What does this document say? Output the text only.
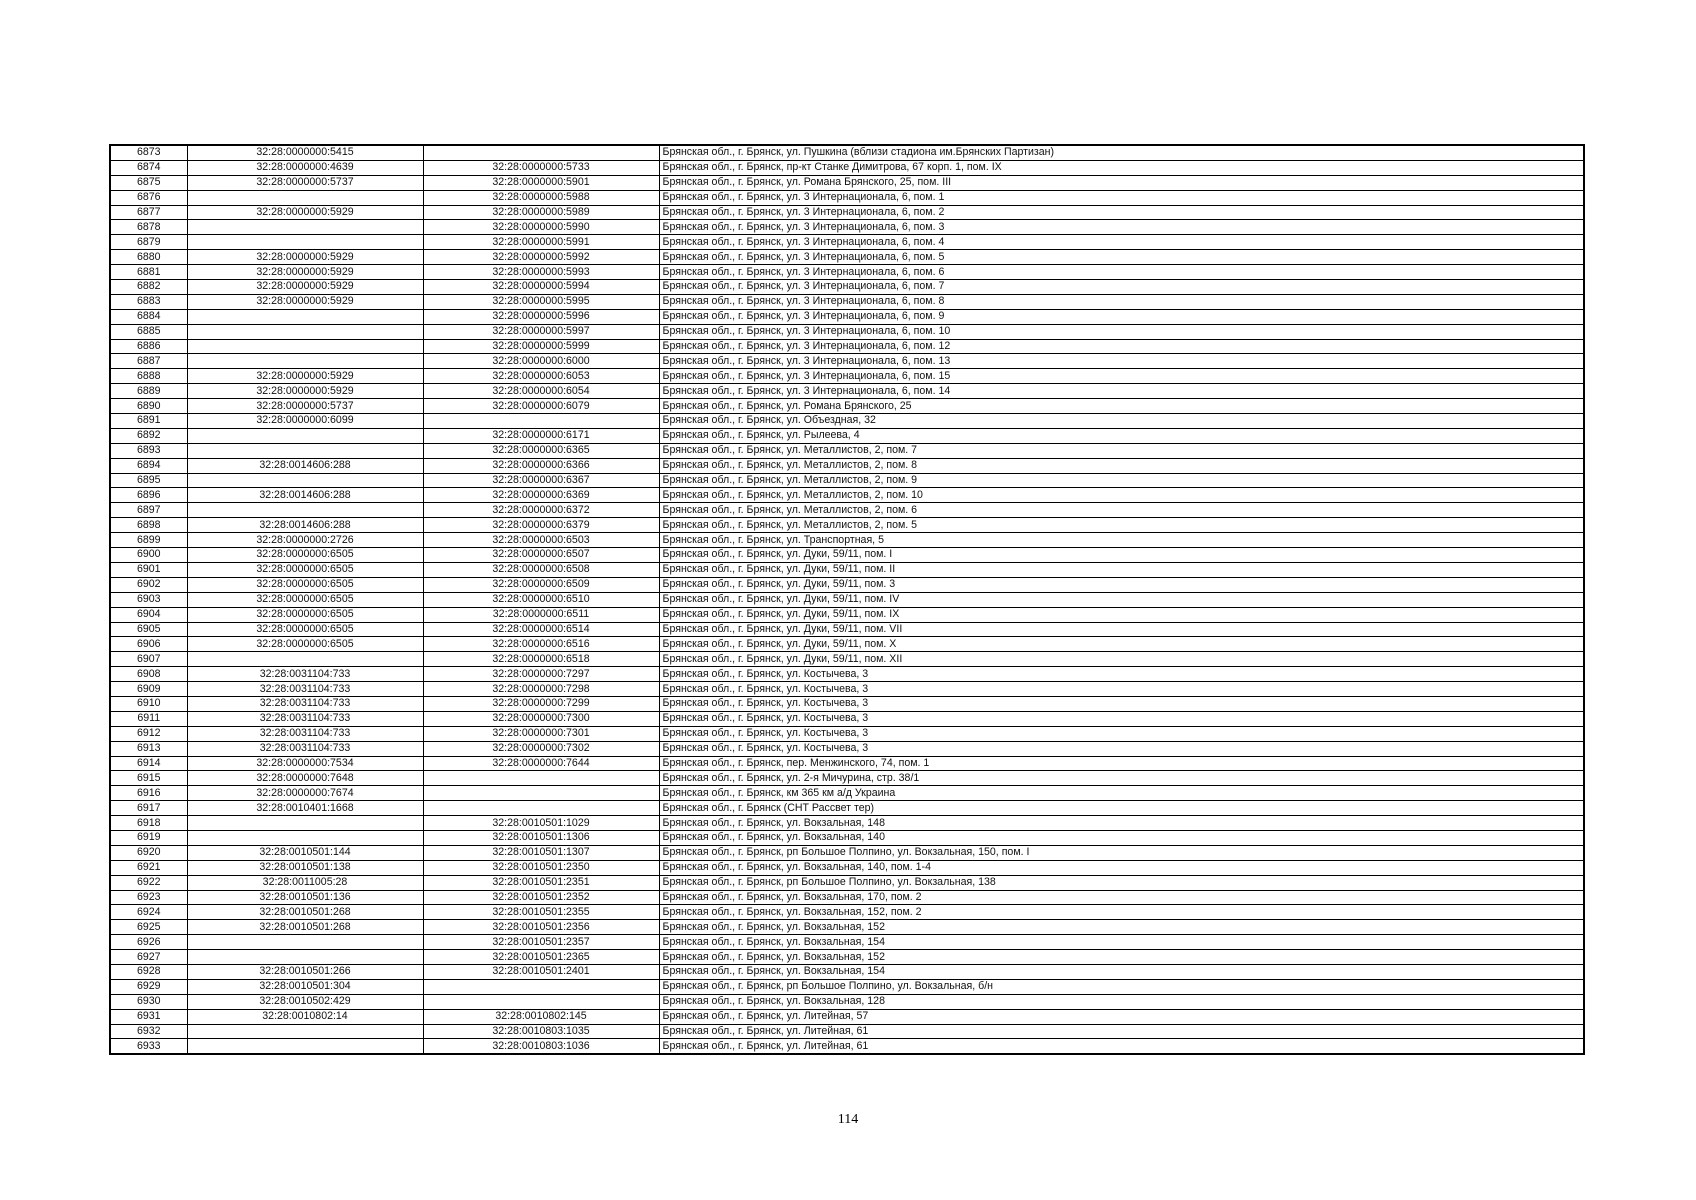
6873	32:28:0000000:5415		Брянская обл., г. Брянск, ул. Пушкина (вблизи стадиона им.Брянских Партизан)
6874	32:28:0000000:4639	32:28:0000000:5733	Брянская обл., г. Брянск, пр-кт Станке Димитрова, 67 корп. 1, пом. IX
6875	32:28:0000000:5737	32:28:0000000:5901	Брянская обл., г. Брянск, ул. Романа Брянского, 25, пом. III
6876		32:28:0000000:5988	Брянская обл., г. Брянск, ул. 3 Интернационала, 6, пом. 1
6877	32:28:0000000:5929	32:28:0000000:5989	Брянская обл., г. Брянск, ул. 3 Интернационала, 6, пом. 2
6878		32:28:0000000:5990	Брянская обл., г. Брянск, ул. 3 Интернационала, 6, пом. 3
6879		32:28:0000000:5991	Брянская обл., г. Брянск, ул. 3 Интернационала, 6, пом. 4
6880	32:28:0000000:5929	32:28:0000000:5992	Брянская обл., г. Брянск, ул. 3 Интернационала, 6, пом. 5
6881	32:28:0000000:5929	32:28:0000000:5993	Брянская обл., г. Брянск, ул. 3 Интернационала, 6, пом. 6
6882	32:28:0000000:5929	32:28:0000000:5994	Брянская обл., г. Брянск, ул. 3 Интернационала, 6, пом. 7
6883	32:28:0000000:5929	32:28:0000000:5995	Брянская обл., г. Брянск, ул. 3 Интернационала, 6, пом. 8
6884		32:28:0000000:5996	Брянская обл., г. Брянск, ул. 3 Интернационала, 6, пом. 9
6885		32:28:0000000:5997	Брянская обл., г. Брянск, ул. 3 Интернационала, 6, пом. 10
6886		32:28:0000000:5999	Брянская обл., г. Брянск, ул. 3 Интернационала, 6, пом. 12
6887		32:28:0000000:6000	Брянская обл., г. Брянск, ул. 3 Интернационала, 6, пом. 13
6888	32:28:0000000:5929	32:28:0000000:6053	Брянская обл., г. Брянск, ул. 3 Интернационала, 6, пом. 15
6889	32:28:0000000:5929	32:28:0000000:6054	Брянская обл., г. Брянск, ул. 3 Интернационала, 6, пом. 14
6890	32:28:0000000:5737	32:28:0000000:6079	Брянская обл., г. Брянск, ул. Романа Брянского, 25
6891	32:28:0000000:6099		Брянская обл., г. Брянск, ул. Объездная, 32
6892		32:28:0000000:6171	Брянская обл., г. Брянск, ул. Рылеева, 4
6893		32:28:0000000:6365	Брянская обл., г. Брянск, ул. Металлистов, 2, пом. 7
6894	32:28:0014606:288	32:28:0000000:6366	Брянская обл., г. Брянск, ул. Металлистов, 2, пом. 8
6895		32:28:0000000:6367	Брянская обл., г. Брянск, ул. Металлистов, 2, пом. 9
6896	32:28:0014606:288	32:28:0000000:6369	Брянская обл., г. Брянск, ул. Металлистов, 2, пом. 10
6897		32:28:0000000:6372	Брянская обл., г. Брянск, ул. Металлистов, 2, пом. 6
6898	32:28:0014606:288	32:28:0000000:6379	Брянская обл., г. Брянск, ул. Металлистов, 2, пом. 5
6899	32:28:0000000:2726	32:28:0000000:6503	Брянская обл., г. Брянск, ул. Транспортная, 5
6900	32:28:0000000:6505	32:28:0000000:6507	Брянская обл., г. Брянск, ул. Дуки, 59/11, пом. I
6901	32:28:0000000:6505	32:28:0000000:6508	Брянская обл., г. Брянск, ул. Дуки, 59/11, пом. II
6902	32:28:0000000:6505	32:28:0000000:6509	Брянская обл., г. Брянск, ул. Дуки, 59/11, пом. 3
6903	32:28:0000000:6505	32:28:0000000:6510	Брянская обл., г. Брянск, ул. Дуки, 59/11, пом. IV
6904	32:28:0000000:6505	32:28:0000000:6511	Брянская обл., г. Брянск, ул. Дуки, 59/11, пом. IX
6905	32:28:0000000:6505	32:28:0000000:6514	Брянская обл., г. Брянск, ул. Дуки, 59/11, пом. VII
6906	32:28:0000000:6505	32:28:0000000:6516	Брянская обл., г. Брянск, ул. Дуки, 59/11, пом. X
6907		32:28:0000000:6518	Брянская обл., г. Брянск, ул. Дуки, 59/11, пом. XII
6908	32:28:0031104:733	32:28:0000000:7297	Брянская обл., г. Брянск, ул. Костычева, 3
6909	32:28:0031104:733	32:28:0000000:7298	Брянская обл., г. Брянск, ул. Костычева, 3
6910	32:28:0031104:733	32:28:0000000:7299	Брянская обл., г. Брянск, ул. Костычева, 3
6911	32:28:0031104:733	32:28:0000000:7300	Брянская обл., г. Брянск, ул. Костычева, 3
6912	32:28:0031104:733	32:28:0000000:7301	Брянская обл., г. Брянск, ул. Костычева, 3
6913	32:28:0031104:733	32:28:0000000:7302	Брянская обл., г. Брянск, ул. Костычева, 3
6914	32:28:0000000:7534	32:28:0000000:7644	Брянская обл., г. Брянск, пер. Менжинского, 74, пом. 1
6915	32:28:0000000:7648		Брянская обл., г. Брянск, ул. 2-я Мичурина, стр. 38/1
6916	32:28:0000000:7674		Брянская обл., г. Брянск, км 365 км а/д Украина
6917	32:28:0010401:1668		Брянская обл., г. Брянск (СНТ Рассвет тер)
6918		32:28:0010501:1029	Брянская обл., г. Брянск, ул. Вокзальная, 148
6919		32:28:0010501:1306	Брянская обл., г. Брянск, ул. Вокзальная, 140
6920	32:28:0010501:144	32:28:0010501:1307	Брянская обл., г. Брянск, рп Большое Полпино, ул. Вокзальная, 150, пом. I
6921	32:28:0010501:138	32:28:0010501:2350	Брянская обл., г. Брянск, ул. Вокзальная, 140, пом. 1-4
6922	32:28:0011005:28	32:28:0010501:2351	Брянская обл., г. Брянск, рп Большое Полпино, ул. Вокзальная, 138
6923	32:28:0010501:136	32:28:0010501:2352	Брянская обл., г. Брянск, ул. Вокзальная, 170, пом. 2
6924	32:28:0010501:268	32:28:0010501:2355	Брянская обл., г. Брянск, ул. Вокзальная, 152, пом. 2
6925	32:28:0010501:268	32:28:0010501:2356	Брянская обл., г. Брянск, ул. Вокзальная, 152
6926		32:28:0010501:2357	Брянская обл., г. Брянск, ул. Вокзальная, 154
6927		32:28:0010501:2365	Брянская обл., г. Брянск, ул. Вокзальная, 152
6928	32:28:0010501:266	32:28:0010501:2401	Брянская обл., г. Брянск, ул. Вокзальная, 154
6929	32:28:0010501:304		Брянская обл., г. Брянск, рп Большое Полпино, ул. Вокзальная, б/н
6930	32:28:0010502:429		Брянская обл., г. Брянск, ул. Вокзальная, 128
6931	32:28:0010802:14	32:28:0010802:145	Брянская обл., г. Брянск, ул. Литейная, 57
6932		32:28:0010803:1035	Брянская обл., г. Брянск, ул. Литейная, 61
6933		32:28:0010803:1036	Брянская обл., г. Брянск, ул. Литейная, 61
114
